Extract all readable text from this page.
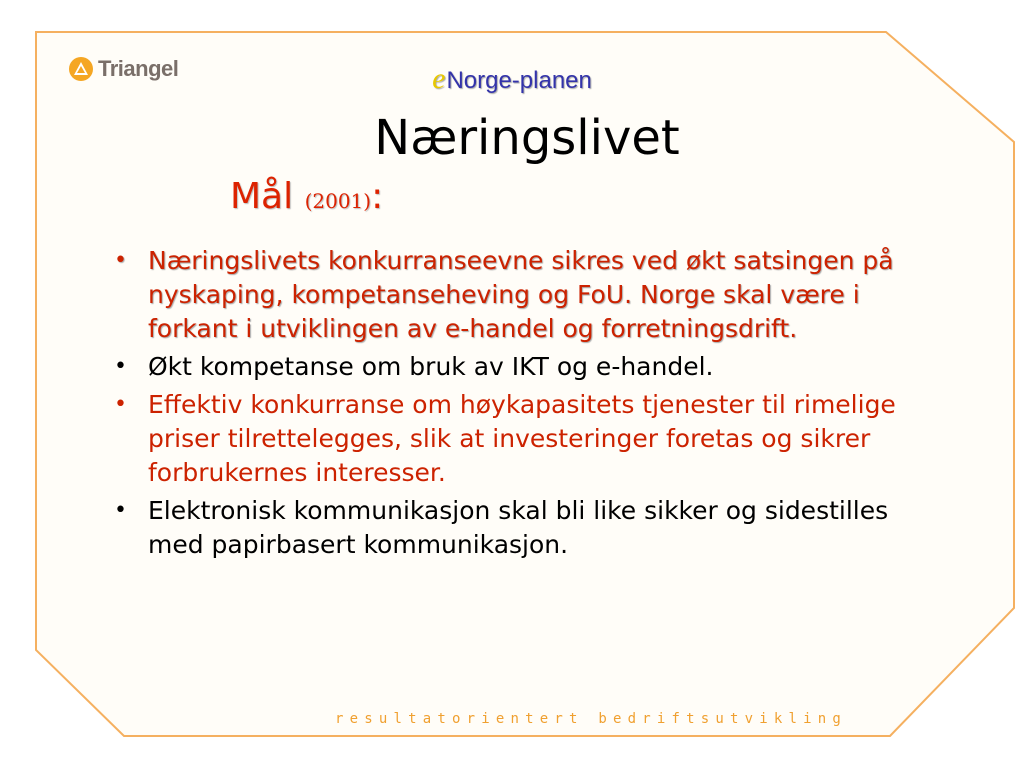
Triangel	eNorge-planen
Næringslivet
Mål (2001):
• Næringslivets konkurranseevne sikres ved økt satsingen på nyskaping, kompetanseheving og FoU. Norge skal være i forkant i utviklingen av e-handel og forretningsdrift.
• Økt kompetanse om bruk av IKT og e-handel.
• Effektiv konkurranse om høykapasitets tjenester til rimelige priser tilrettelegges, slik at investeringer foretas og sikrer forbrukernes interesser.
• Elektronisk kommunikasjon skal bli like sikker og sidestilles med papirbasert kommunikasjon.
resultatorientert bedriftsutvikling
